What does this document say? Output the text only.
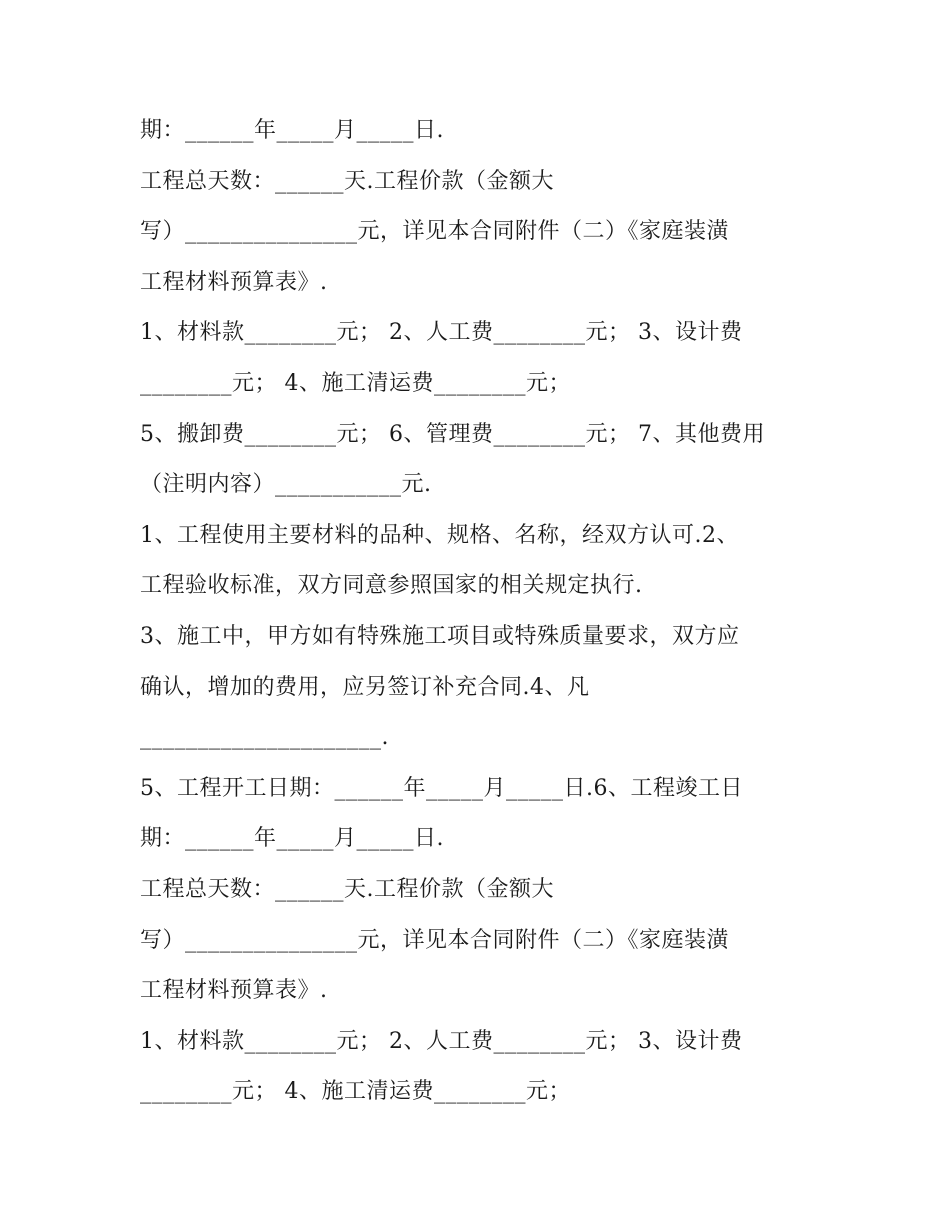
期：______年_____月_____日.
工程总天数：______天.工程价款（金额大
写）_______________元，详见本合同附件（二）《家庭装潢
工程材料预算表》.
1、材料款________元； 2、人工费________元； 3、设计费
________元； 4、施工清运费________元；
5、搬卸费________元； 6、管理费________元； 7、其他费用
（注明内容）___________元.
1、工程使用主要材料的品种、规格、名称，经双方认可.2、
工程验收标准，双方同意参照国家的相关规定执行.
3、施工中，甲方如有特殊施工项目或特殊质量要求，双方应
确认，增加的费用，应另签订补充合同.4、凡
_____________________.
5、工程开工日期：______年_____月_____日.6、工程竣工日
期：______年_____月_____日.
工程总天数：______天.工程价款（金额大
写）_______________元，详见本合同附件（二）《家庭装潢
工程材料预算表》.
1、材料款________元； 2、人工费________元； 3、设计费
________元； 4、施工清运费________元；
